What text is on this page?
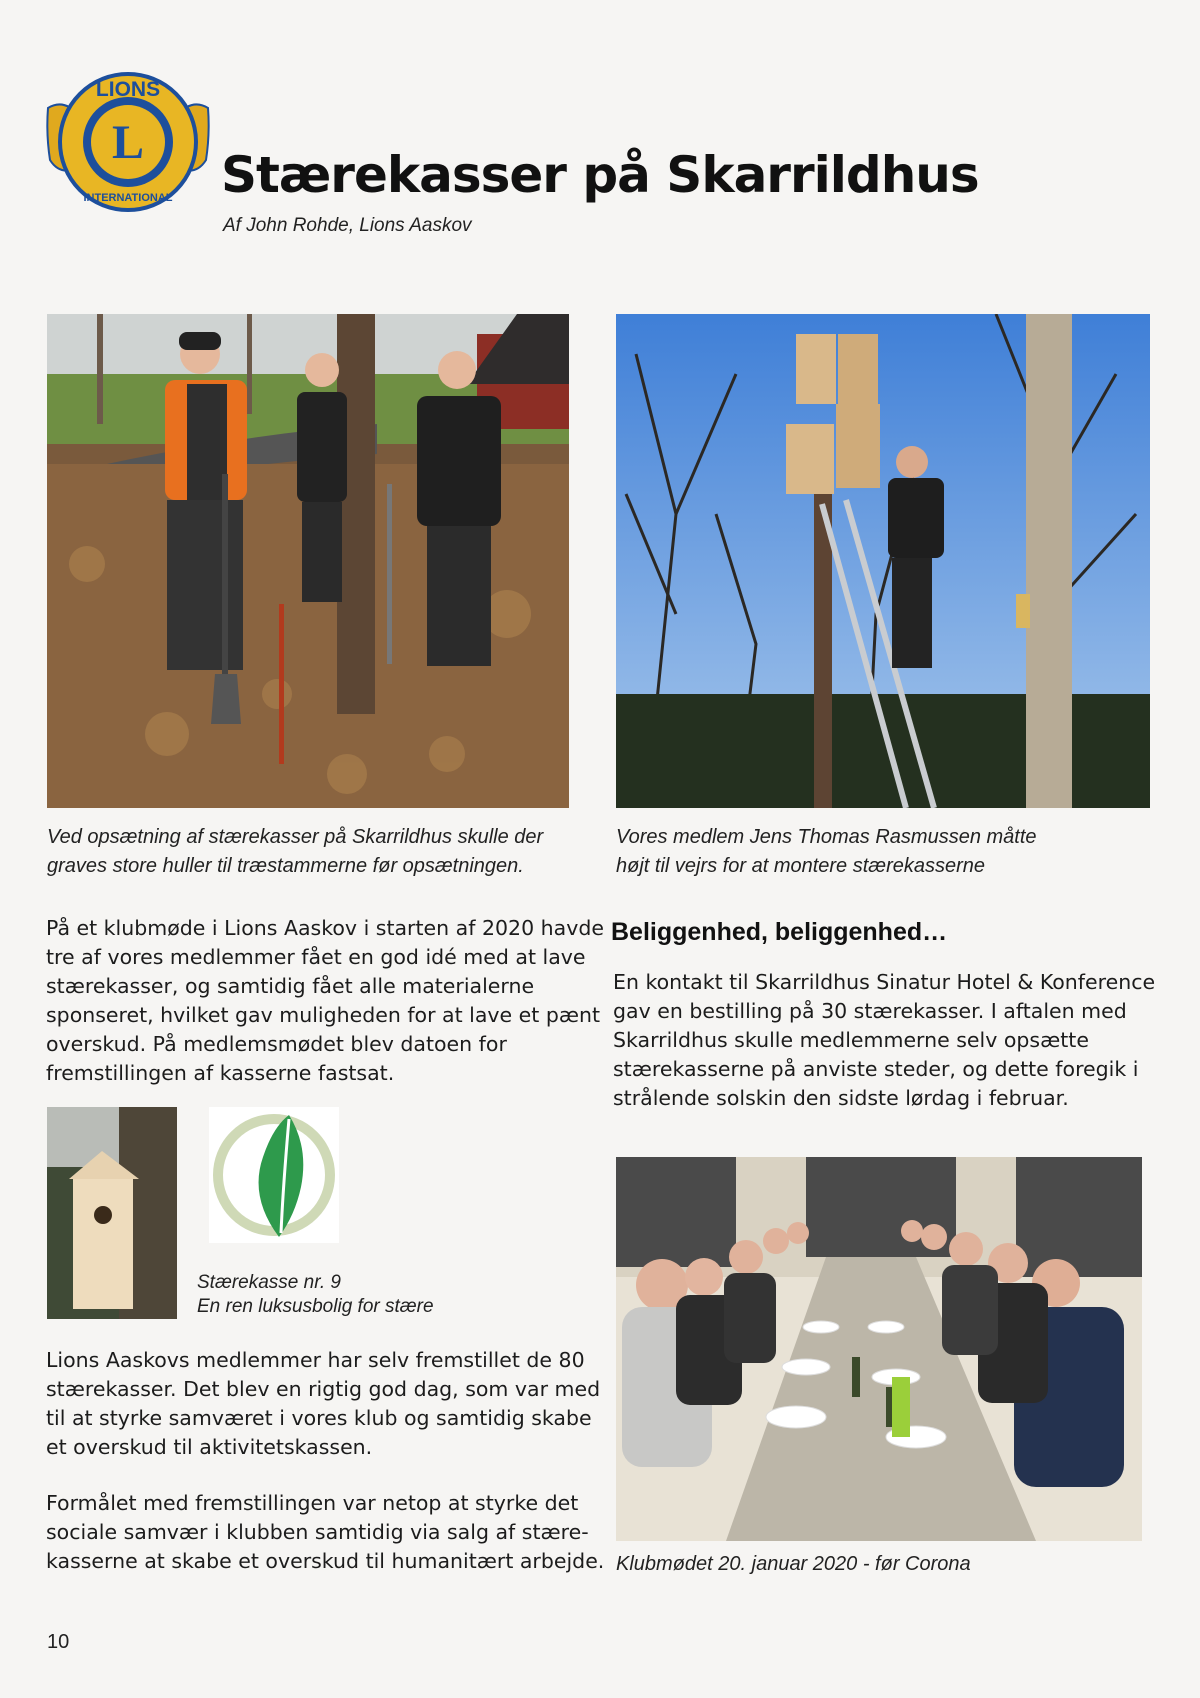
LIONS
L
INTERNATIONAL Stærekasser på Skarrildhus
Af John Rohde, Lions Aaskov
Ved opsætning af stærekasser på Skarrildhus skulle der
graves store huller til træstammerne før opsætningen.
Vores medlem Jens Thomas Rasmussen måtte
højt til vejrs for at montere stærekasserne
På et klubmøde i Lions Aaskov i starten af 2020 havde
tre af vores medlemmer fået en god idé med at lave
stærekasser, og samtidig fået alle materialerne
sponseret, hvilket gav muligheden for at lave et pænt
overskud. På medlemsmødet blev datoen for
fremstillingen af kasserne fastsat.
Stærekasse nr. 9
En ren luksusbolig for stære
Lions Aaskovs medlemmer har selv fremstillet de 80
stærekasser. Det blev en rigtig god dag, som var med
til at styrke samværet i vores klub og samtidig skabe
et overskud til aktivitetskassen.
Formålet med fremstillingen var netop at styrke det
sociale samvær i klubben samtidig via salg af stære-
kasserne at skabe et overskud til humanitært arbejde.
Beliggenhed, beliggenhed…
En kontakt til Skarrildhus Sinatur Hotel & Konference
gav en bestilling på 30 stærekasser. I aftalen med
Skarrildhus skulle medlemmerne selv opsætte
stærekasserne på anviste steder, og dette foregik i
strålende solskin den sidste lørdag i februar.
Klubmødet 20. januar 2020 - før Corona
10
